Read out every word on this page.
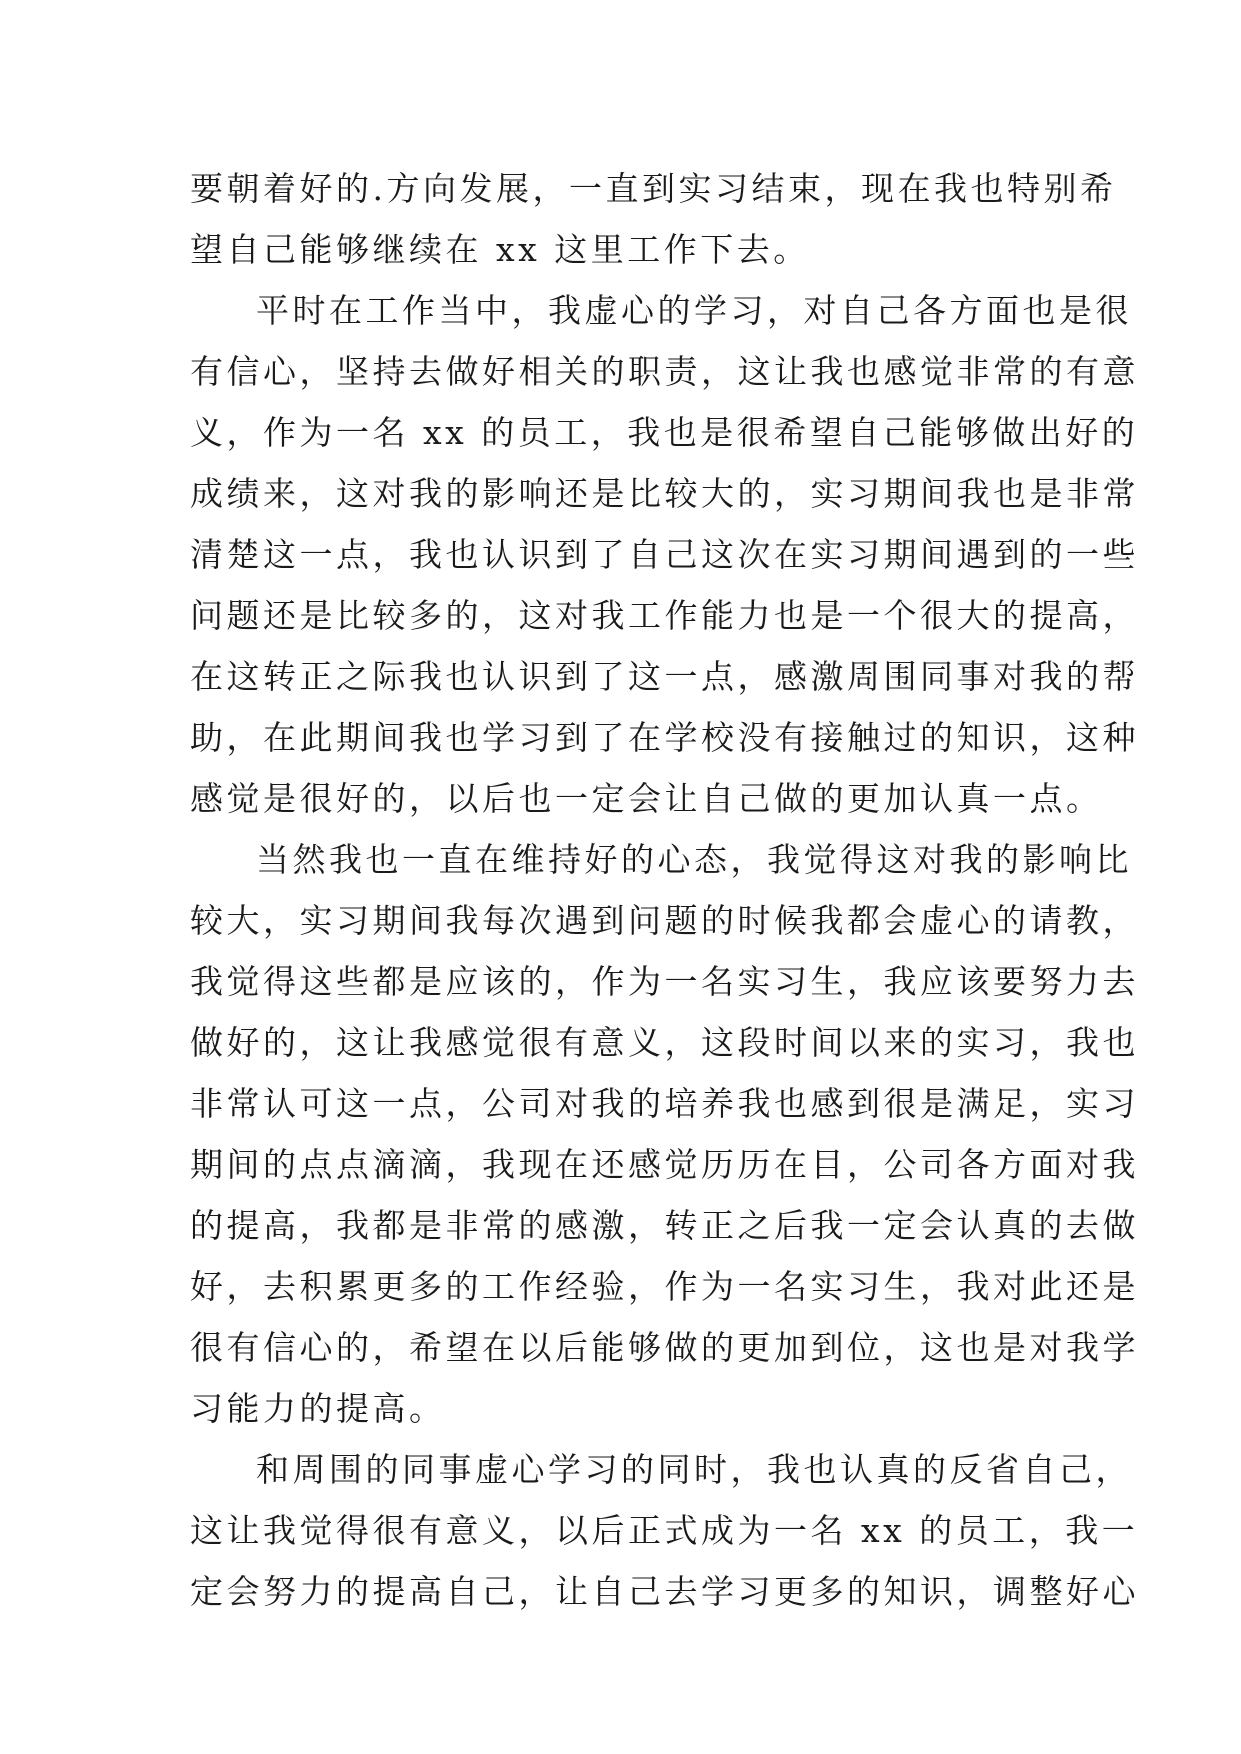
要朝着好的.方向发展，一直到实习结束，现在我也特别希
望自己能够继续在 xx 这里工作下去。
平时在工作当中，我虚心的学习，对自己各方面也是很
有信心，坚持去做好相关的职责，这让我也感觉非常的有意
义，作为一名 xx 的员工，我也是很希望自己能够做出好的
成绩来，这对我的影响还是比较大的，实习期间我也是非常
清楚这一点，我也认识到了自己这次在实习期间遇到的一些
问题还是比较多的，这对我工作能力也是一个很大的提高，
在这转正之际我也认识到了这一点，感激周围同事对我的帮
助，在此期间我也学习到了在学校没有接触过的知识，这种
感觉是很好的，以后也一定会让自己做的更加认真一点。
当然我也一直在维持好的心态，我觉得这对我的影响比
较大，实习期间我每次遇到问题的时候我都会虚心的请教，
我觉得这些都是应该的，作为一名实习生，我应该要努力去
做好的，这让我感觉很有意义，这段时间以来的实习，我也
非常认可这一点，公司对我的培养我也感到很是满足，实习
期间的点点滴滴，我现在还感觉历历在目，公司各方面对我
的提高，我都是非常的感激，转正之后我一定会认真的去做
好，去积累更多的工作经验，作为一名实习生，我对此还是
很有信心的，希望在以后能够做的更加到位，这也是对我学
习能力的提高。
和周围的同事虚心学习的同时，我也认真的反省自己，
这让我觉得很有意义，以后正式成为一名 xx 的员工，我一
定会努力的提高自己，让自己去学习更多的知识，调整好心
